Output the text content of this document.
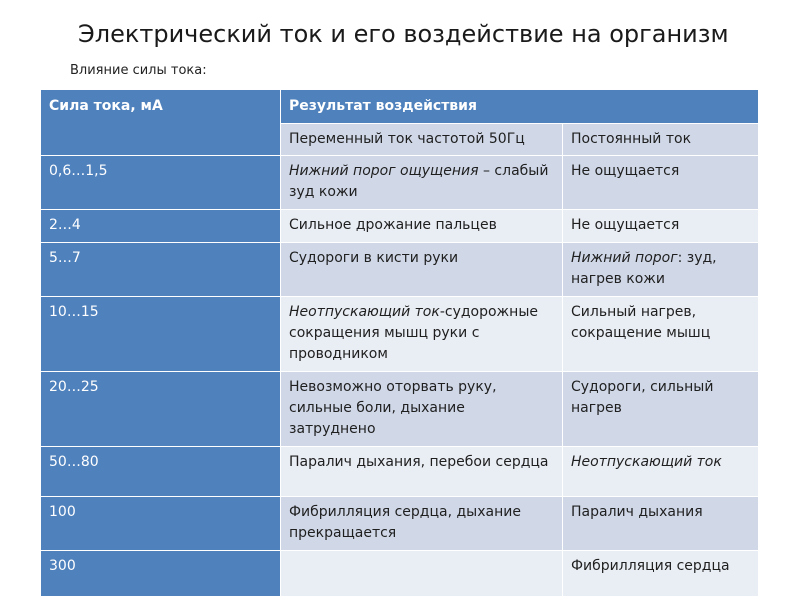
Электрический ток и его воздействие на организм
Влияние силы тока:
Сила тока, мА	Результат воздействия	
	Переменный ток частотой 50Гц	Постоянный ток
0,6…1,5	Нижний порог ощущения – слабый зуд кожи	Не ощущается
2…4	Сильное дрожание пальцев	Не ощущается
5…7	Судороги в кисти руки	Нижний порог: зуд, нагрев кожи
10…15	Неотпускающий ток-судорожные сокращения мышц руки с проводником	Сильный нагрев, сокращение мышц
20…25	Невозможно оторвать руку, сильные боли, дыхание затруднено	Судороги, сильный нагрев
50…80	Паралич дыхания, перебои сердца	Неотпускающий ток
100	Фибрилляция сердца, дыхание прекращается	Паралич дыхания
300		Фибрилляция сердца
